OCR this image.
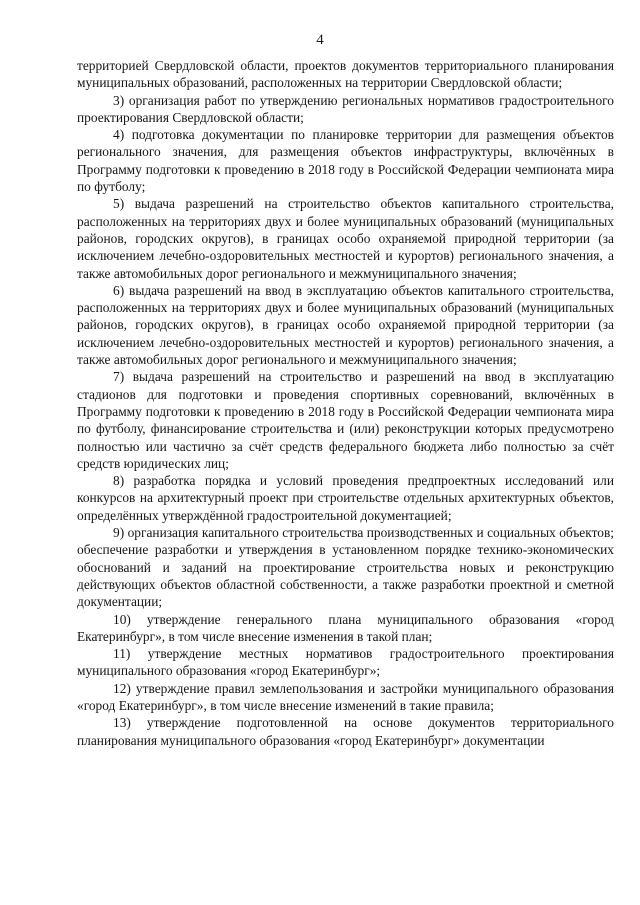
4

территорией Свердловской области, проектов документов территориального планирования муниципальных образований, расположенных на территории Свердловской области;

3) организация работ по утверждению региональных нормативов градостроительного проектирования Свердловской области;

4) подготовка документации по планировке территории для размещения объектов регионального значения, для размещения объектов инфраструктуры, включённых в Программу подготовки к проведению в 2018 году в Российской Федерации чемпионата мира по футболу;

5) выдача разрешений на строительство объектов капитального строительства, расположенных на территориях двух и более муниципальных образований (муниципальных районов, городских округов), в границах особо охраняемой природной территории (за исключением лечебно-оздоровительных местностей и курортов) регионального значения, а также автомобильных дорог регионального и межмуниципального значения;

6) выдача разрешений на ввод в эксплуатацию объектов капитального строительства, расположенных на территориях двух и более муниципальных образований (муниципальных районов, городских округов), в границах особо охраняемой природной территории (за исключением лечебно-оздоровительных местностей и курортов) регионального значения, а также автомобильных дорог регионального и межмуниципального значения;

7) выдача разрешений на строительство и разрешений на ввод в эксплуатацию стадионов для подготовки и проведения спортивных соревнований, включённых в Программу подготовки к проведению в 2018 году в Российской Федерации чемпионата мира по футболу, финансирование строительства и (или) реконструкции которых предусмотрено полностью или частично за счёт средств федерального бюджета либо полностью за счёт средств юридических лиц;

8) разработка порядка и условий проведения предпроектных исследований или конкурсов на архитектурный проект при строительстве отдельных архитектурных объектов, определённых утверждённой градостроительной документацией;

9) организация капитального строительства производственных и социальных объектов; обеспечение разработки и утверждения в установленном порядке технико-экономических обоснований и заданий на проектирование строительства новых и реконструкцию действующих объектов областной собственности, а также разработки проектной и сметной документации;

10) утверждение генерального плана муниципального образования «город Екатеринбург», в том числе внесение изменения в такой план;

11) утверждение местных нормативов градостроительного проектирования муниципального образования «город Екатеринбург»;

12) утверждение правил землепользования и застройки муниципального образования «город Екатеринбург», в том числе внесение изменений в такие правила;

13) утверждение подготовленной на основе документов территориального планирования муниципального образования «город Екатеринбург» документации
